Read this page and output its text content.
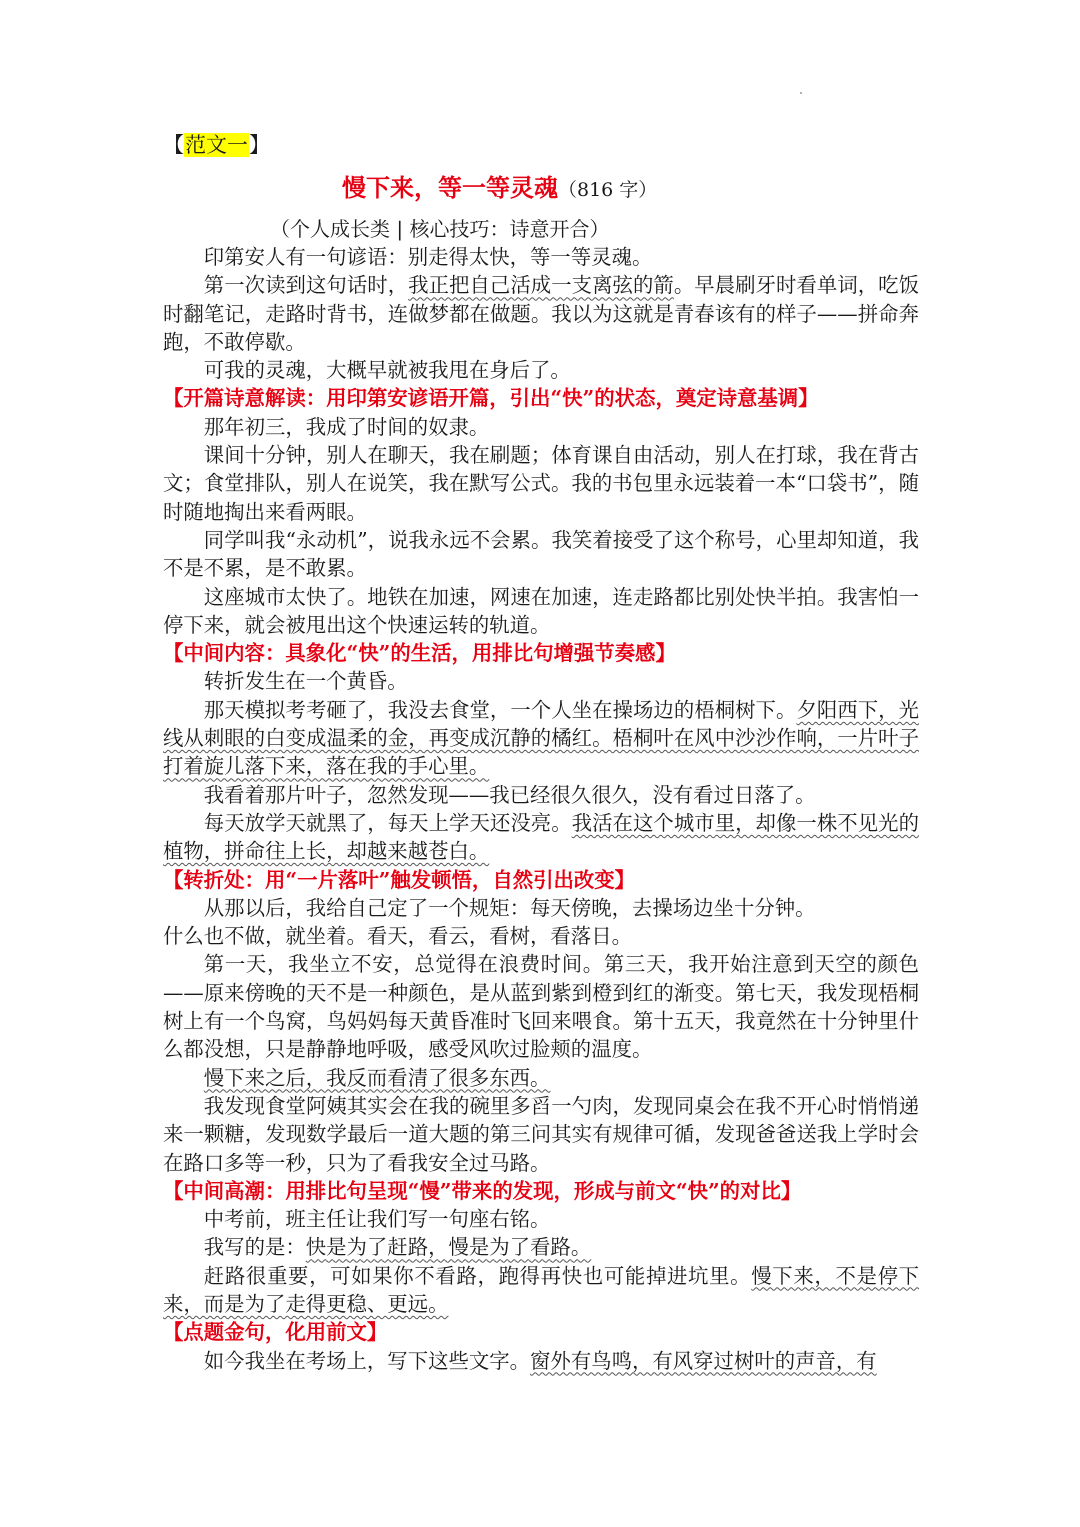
【范文一】
慢下来，等一等灵魂（816 字）
（个人成长类 | 核心技巧：诗意开合）

印第安人有一句谚语：别走得太快，等一等灵魂。

第一次读到这句话时，我正把自己活成一支离弦的箭。早晨刷牙时看单词，吃饭时翻笔记，走路时背书，连做梦都在做题。我以为这就是青春该有的样子——拼命奔跑，不敢停歇。

可我的灵魂，大概早就被我甩在身后了。

【开篇诗意解读：用印第安谚语开篇，引出“快”的状态，奠定诗意基调】

那年初三，我成了时间的奴隶。

课间十分钟，别人在聊天，我在刷题；体育课自由活动，别人在打球，我在背古文；食堂排队，别人在说笑，我在默写公式。我的书包里永远装着一本“口袋书”，随时随地掏出来看两眼。

同学叫我“永动机”，说我永远不会累。我笑着接受了这个称号，心里却知道，我不是不累，是不敢累。

这座城市太快了。地铁在加速，网速在加速，连走路都比别处快半拍。我害怕一停下来，就会被甩出这个快速运转的轨道。

【中间内容：具象化“快”的生活，用排比句增强节奏感】

转折发生在一个黄昏。

那天模拟考考砸了，我没去食堂，一个人坐在操场边的梧桐树下。夕阳西下，光线从刺眼的白变成温柔的金，再变成沉静的橘红。梧桐叶在风中沙沙作响，一片叶子打着旋儿落下来，落在我的手心里。

我看着那片叶子，忽然发现——我已经很久很久，没有看过日落了。

每天放学天就黑了，每天上学天还没亮。我活在这个城市里，却像一株不见光的植物，拼命往上长，却越来越苍白。

【转折处：用“一片落叶”触发顿悟，自然引出改变】

从那以后，我给自己定了一个规矩：每天傍晚，去操场边坐十分钟。

什么也不做，就坐着。看天，看云，看树，看落日。

第一天，我坐立不安，总觉得在浪费时间。第三天，我开始注意到天空的颜色——原来傍晚的天不是一种颜色，是从蓝到紫到橙到红的渐变。第七天，我发现梧桐树上有一个鸟窝，鸟妈妈每天黄昏准时飞回来喂食。第十五天，我竟然在十分钟里什么都没想，只是静静地呼吸，感受风吹过脸颊的温度。

慢下来之后，我反而看清了很多东西。

我发现食堂阿姨其实会在我的碗里多舀一勺肉，发现同桌会在我不开心时悄悄递来一颗糖，发现数学最后一道大题的第三问其实有规律可循，发现爸爸送我上学时会在路口多等一秒，只为了看我安全过马路。

【中间高潮：用排比句呈现“慢”带来的发现，形成与前文“快”的对比】

中考前，班主任让我们写一句座右铭。

我写的是：快是为了赶路，慢是为了看路。

赶路很重要，可如果你不看路，跑得再快也可能掉进坑里。慢下来，不是停下来，而是为了走得更稳、更远。

【点题金句，化用前文】

如今我坐在考场上，写下这些文字。窗外有鸟鸣，有风穿过树叶的声音，有
